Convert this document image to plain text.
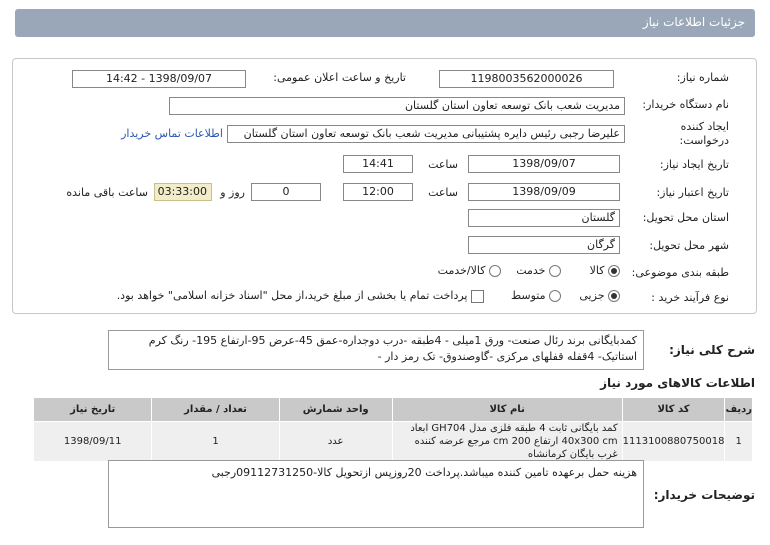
جزئیات اطلاعات نیاز
شماره نیاز:
1198003562000026
تاریخ و ساعت اعلان عمومی:
1398/09/07 - 14:42
نام دستگاه خریدار:
مدیریت شعب بانک توسعه تعاون استان گلستان
ایجاد کننده درخواست:
علیرضا رجبی رئیس دایره پشتیبانی مدیریت شعب بانک توسعه تعاون استان گلستان
اطلاعات تماس خریدار
تاریخ ایجاد نیاز:
1398/09/07
ساعت
14:41
تاریخ اعتبار نیاز:
1398/09/09
ساعت
12:00
0
روز و
03:33:00
ساعت باقی مانده
استان محل تحویل:
گلستان
شهر محل تحویل:
گرگان
طبقه بندی موضوعی:
کالا
خدمت
کالا/خدمت
نوع فرآیند خرید :
جزیی
متوسط
پرداخت تمام یا بخشی از مبلغ خرید،از محل "اسناد خزانه اسلامی" خواهد بود.
شرح کلی نیاز:
کمدبایگانی برند رئال صنعت- ورق 1میلی - 4طبقه -درب دوجداره-عمق 45-عرض 95-ارتفاع 195- رنگ کرم استاتیک- 4قفله قفلهای مرکزی -گاوصندوق- تک رمز دار -
اطلاعات کالاهای مورد نیاز
ردیف	کد کالا	نام کالا	واحد شمارش	تعداد / مقدار	تاریخ نیاز
1	1113100880750018	کمد بایگانی ثابت 4 طبقه فلزی مدل GH704 ابعاد 40x300 cm ارتفاع 200 cm مرجع عرضه کننده غرب بایگان کرمانشاه	عدد	1	1398/09/11
توضیحات خریدار:
هزینه حمل برعهده تامین کننده میباشد.پرداخت 20روزپس ازتحویل کالا-09112731250رجبی
